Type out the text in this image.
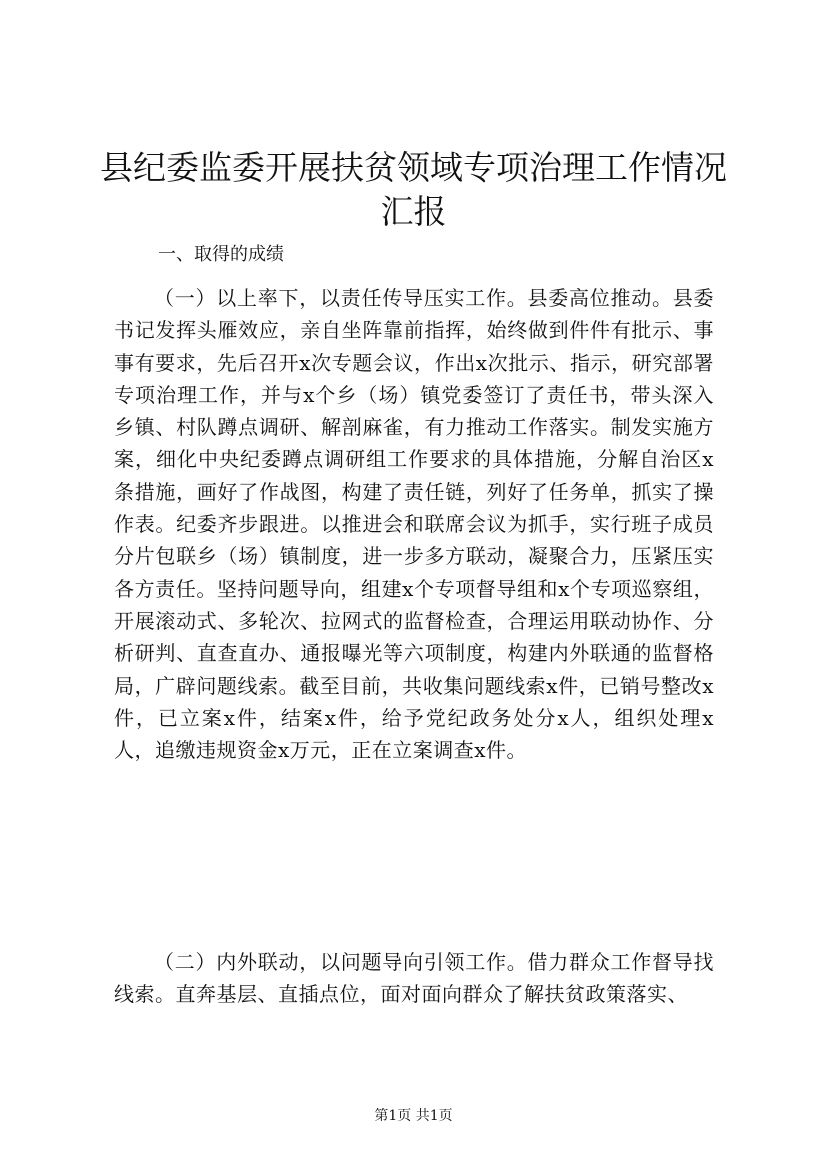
县纪委监委开展扶贫领域专项治理工作情况汇报

一、取得的成绩

（一）以上率下，以责任传导压实工作。县委高位推动。县委书记发挥头雁效应，亲自坐阵靠前指挥，始终做到件件有批示、事事有要求，先后召开x次专题会议，作出x次批示、指示，研究部署专项治理工作，并与x个乡（场）镇党委签订了责任书，带头深入乡镇、村队蹲点调研、解剖麻雀，有力推动工作落实。制发实施方案，细化中央纪委蹲点调研组工作要求的具体措施，分解自治区x条措施，画好了作战图，构建了责任链，列好了任务单，抓实了操作表。纪委齐步跟进。以推进会和联席会议为抓手，实行班子成员分片包联乡（场）镇制度，进一步多方联动，凝聚合力，压紧压实各方责任。坚持问题导向，组建x个专项督导组和x个专项巡察组，开展滚动式、多轮次、拉网式的监督检查，合理运用联动协作、分析研判、直查直办、通报曝光等六项制度，构建内外联通的监督格局，广辟问题线索。截至目前，共收集问题线索x件，已销号整改x件，已立案x件，结案x件，给予党纪政务处分x人，组织处理x人，追缴违规资金x万元，正在立案调查x件。

（二）内外联动，以问题导向引领工作。借力群众工作督导找线索。直奔基层、直插点位，面对面向群众了解扶贫政策落实、

第1页 共1页
